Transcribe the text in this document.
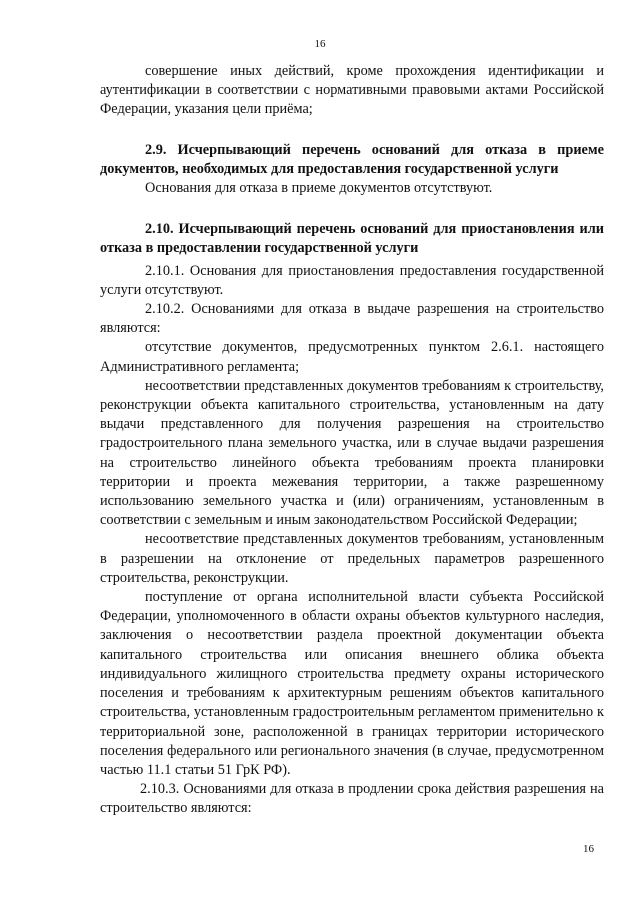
16

совершение иных действий, кроме прохождения идентификации и аутентификации в соответствии с нормативными правовыми актами Российской Федерации, указания цели приёма;

2.9. Исчерпывающий перечень оснований для отказа в приеме документов, необходимых для предоставления государственной услуги

Основания для отказа в приеме документов отсутствуют.

2.10. Исчерпывающий перечень оснований для приостановления или отказа в предоставлении государственной услуги

2.10.1. Основания для приостановления предоставления государственной услуги отсутствуют.

2.10.2. Основаниями для отказа в выдаче разрешения на строительство являются:

отсутствие документов, предусмотренных пунктом 2.6.1. настоящего Административного регламента;

несоответствии представленных документов требованиям к строительству, реконструкции объекта капитального строительства, установленным на дату выдачи представленного для получения разрешения на строительство градостроительного плана земельного участка, или в случае выдачи разрешения на строительство линейного объекта требованиям проекта планировки территории и проекта межевания территории, а также разрешенному использованию земельного участка и (или) ограничениям, установленным в соответствии с земельным и иным законодательством Российской Федерации;

несоответствие представленных документов требованиям, установленным в разрешении на отклонение от предельных параметров разрешенного строительства, реконструкции.

поступление от органа исполнительной власти субъекта Российской Федерации, уполномоченного в области охраны объектов культурного наследия, заключения о несоответствии раздела проектной документации объекта капитального строительства или описания внешнего облика объекта индивидуального жилищного строительства предмету охраны исторического поселения и требованиям к архитектурным решениям объектов капитального строительства, установленным градостроительным регламентом применительно к территориальной зоне, расположенной в границах территории исторического поселения федерального или регионального значения (в случае, предусмотренном частью 11.1 статьи 51 ГрК РФ).

2.10.3. Основаниями для отказа в продлении срока действия разрешения на строительство являются:

16
